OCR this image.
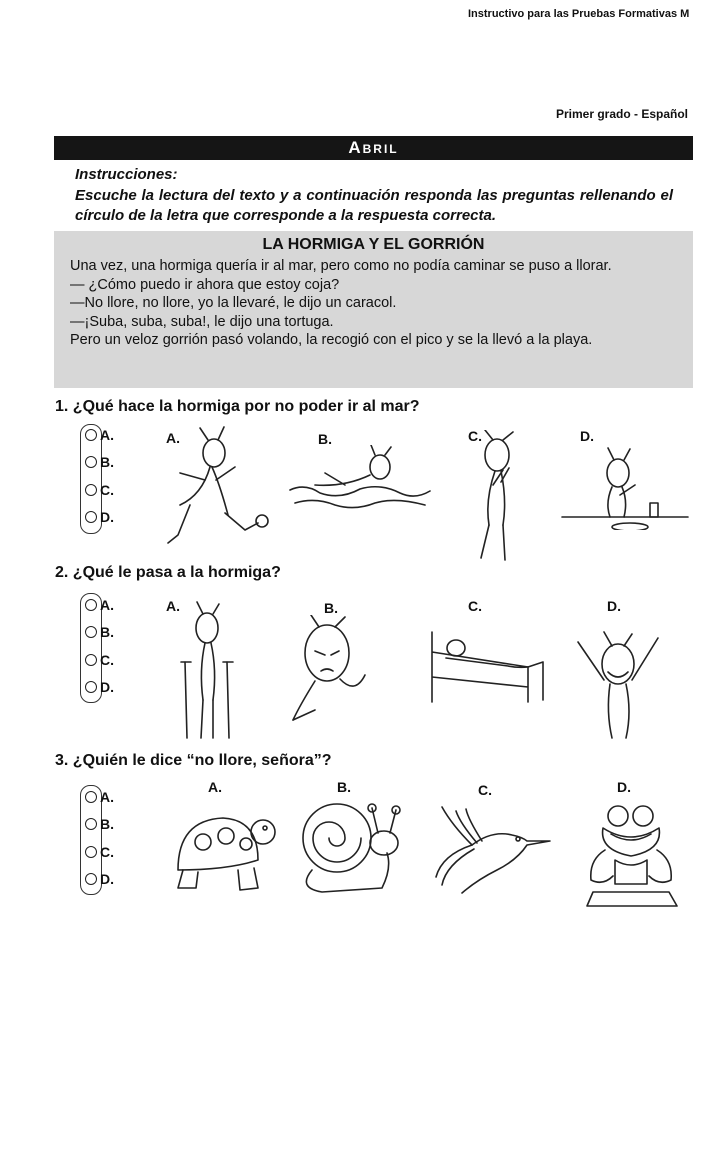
Instructivo para las Pruebas Formativas M
Primer grado - Español
Abril
Instrucciones:
Escuche la lectura del texto y a continuación responda las preguntas rellenando el círculo de la letra que corresponde a la respuesta correcta.
LA HORMIGA Y EL GORRIÓN
Una vez, una hormiga quería ir al mar, pero como no podía caminar se puso a llorar.
— ¿Cómo puedo ir ahora que estoy coja?
—No llore, no llore, yo la llevaré, le dijo un caracol.
—¡Suba, suba, suba!, le dijo una tortuga.
Pero un veloz gorrión pasó volando, la recogió con el pico y se la llevó a la playa.
1. ¿Qué hace la hormiga por no poder ir al mar?
A.
B.
C.
D.
A.	B.	C.	D.
2. ¿Qué le pasa a la hormiga?
A.
B.
C.
D.
A.	B.	C.	D.
3. ¿Quién le dice “no llore, señora”?
A.
B.
C.
D.
A.	B.	C.	D.
